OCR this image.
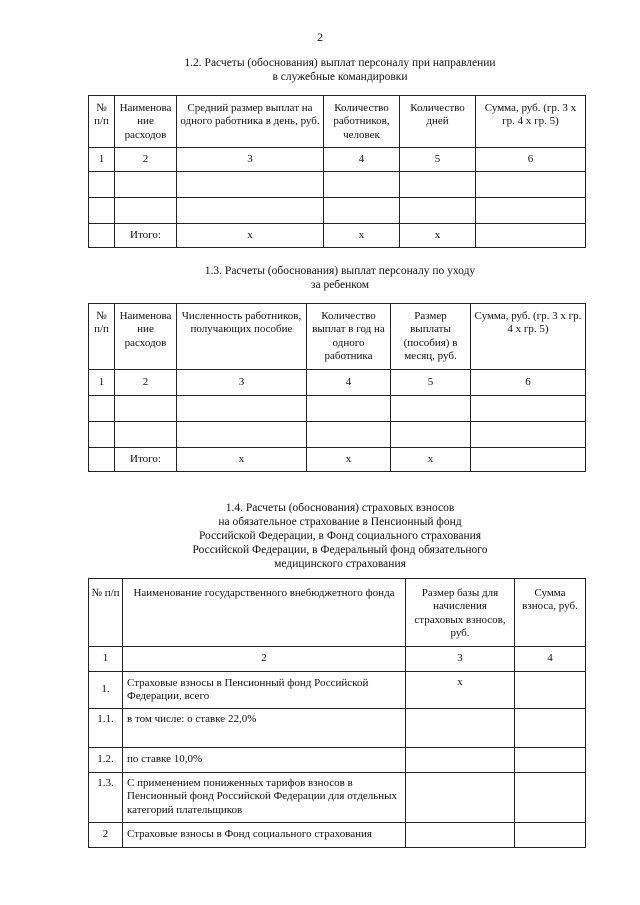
2
1.2. Расчеты (обоснования) выплат персоналу при направлении
в служебные командировки
№ п/п	Наименова ние расходов	Средний размер выплат на одного работника в день, руб.	Количество работников, человек	Количество дней	Сумма, руб. (гр. 3 х гр. 4 х гр. 5)
1	2	3	4	5	6

	Итого:	х	х	х	
1.3. Расчеты (обоснования) выплат персоналу по уходу
за ребенком
№ п/п	Наименова ние расходов	Численность работников, получающих пособие	Количество выплат в год на одного работника	Размер выплаты (пособия) в месяц, руб.	Сумма, руб. (гр. 3 х гр. 4 х гр. 5)
1	2	3	4	5	6

	Итого:	х	х	х	
1.4. Расчеты (обоснования) страховых взносов
на обязательное страхование в Пенсионный фонд
Российской Федерации, в Фонд социального страхования
Российской Федерации, в Федеральный фонд обязательного
медицинского страхования
№ п/п	Наименование государственного внебюджетного фонда	Размер базы для начисления страховых взносов, руб.	Сумма взноса, руб.
1	2	3	4
1.	Страховые взносы в Пенсионный фонд Российской Федерации, всего	х	
1.1.	в том числе: о ставке 22,0%		
1.2.	по ставке 10,0%		
1.3.	С применением пониженных тарифов взносов в Пенсионный фонд Российской Федерации для отдельных категорий плательщиков		
2	Страховые взносы в Фонд социального страхования		
